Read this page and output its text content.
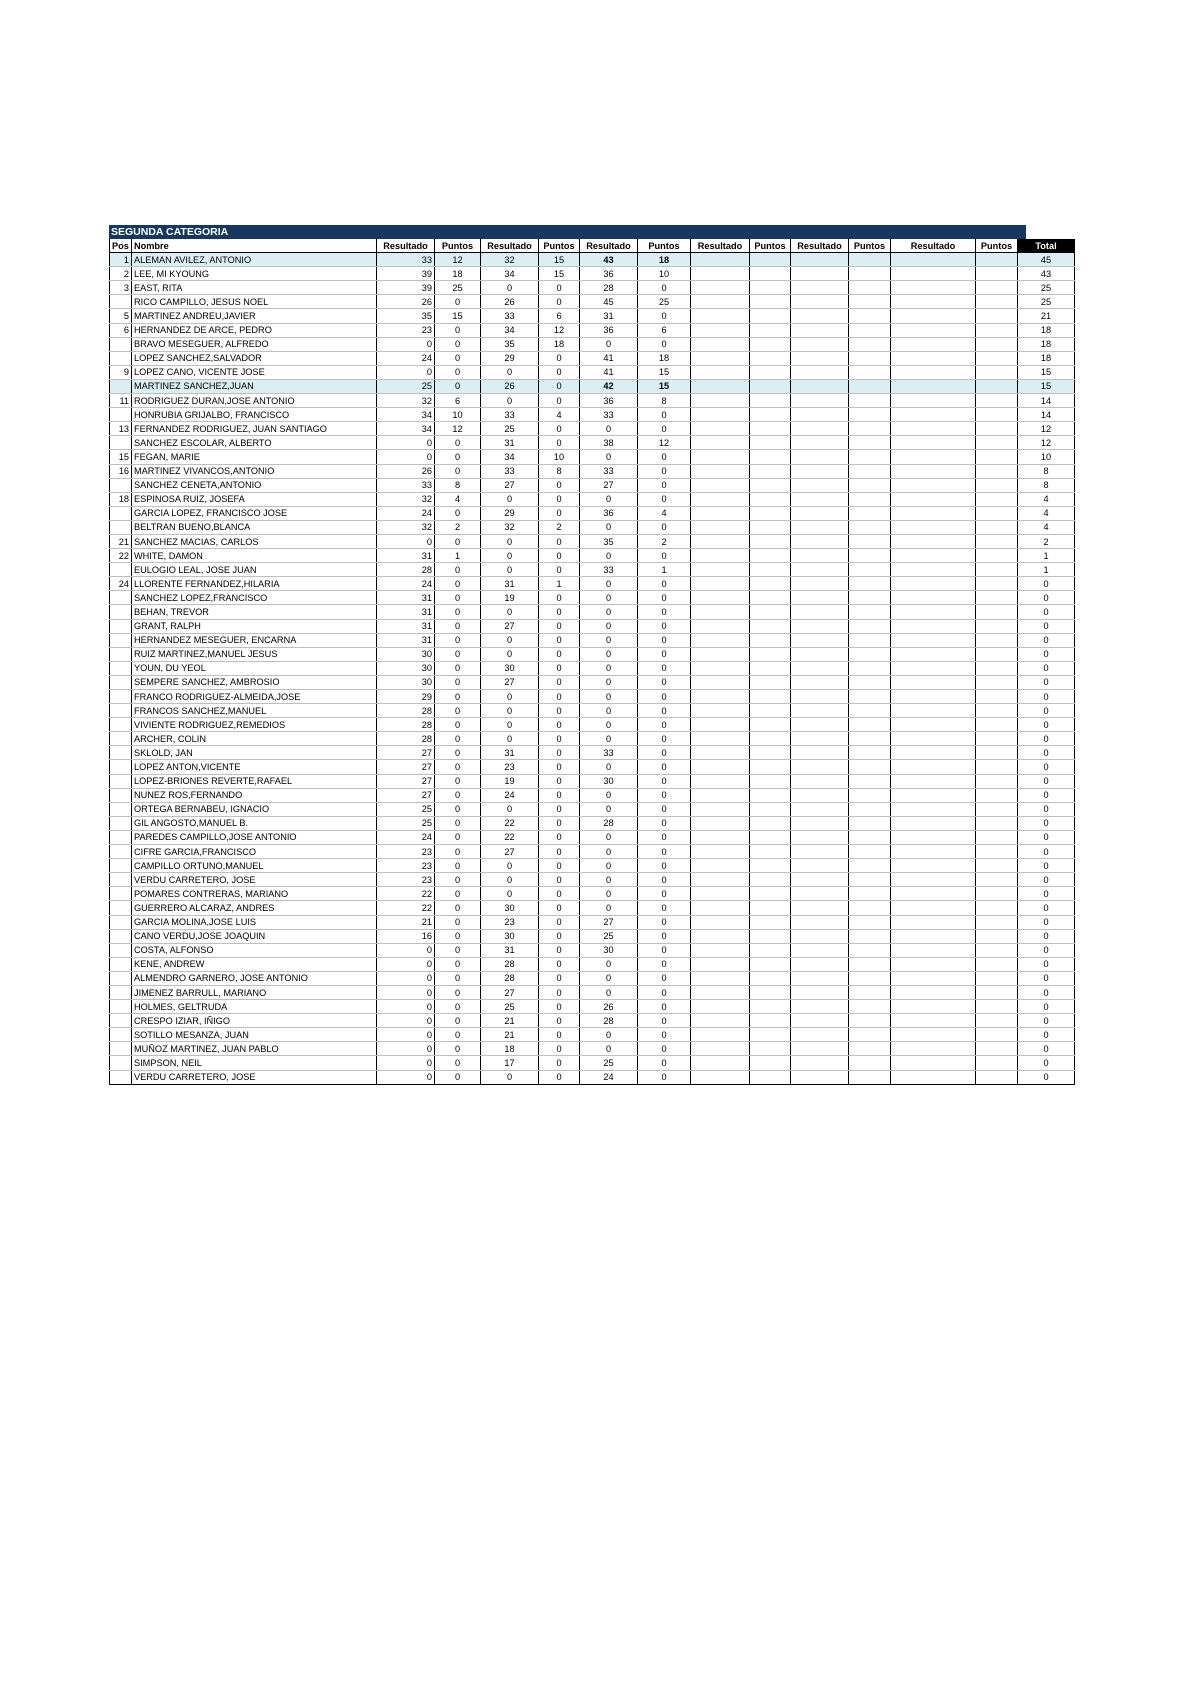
SEGUNDA CATEGORIA
Pos	Nombre	Resultado	Puntos	Resultado	Puntos	Resultado	Puntos	Resultado	Puntos	Resultado	Puntos	Resultado	Puntos	Total
1	ALEMAN AVILEZ, ANTONIO	33	12	32	15	43	18							45
2	LEE, MI KYOUNG	39	18	34	15	36	10							43
3	EAST, RITA	39	25	0	0	28	0							25
	RICO CAMPILLO, JESUS NOEL	26	0	26	0	45	25							25
5	MARTINEZ ANDREU,JAVIER	35	15	33	6	31	0							21
6	HERNANDEZ DE ARCE, PEDRO	23	0	34	12	36	6							18
	BRAVO MESEGUER, ALFREDO	0	0	35	18	0	0							18
	LOPEZ SANCHEZ,SALVADOR	24	0	29	0	41	18							18
9	LOPEZ CANO, VICENTE JOSE	0	0	0	0	41	15							15
	MARTINEZ SANCHEZ,JUAN	25	0	26	0	42	15							15
11	RODRIGUEZ DURAN,JOSE ANTONIO	32	6	0	0	36	8							14
	HONRUBIA GRIJALBO, FRANCISCO	34	10	33	4	33	0							14
13	FERNANDEZ RODRIGUEZ, JUAN SANTIAGO	34	12	25	0	0	0							12
	SANCHEZ ESCOLAR, ALBERTO	0	0	31	0	38	12							12
15	FEGAN, MARIE	0	0	34	10	0	0							10
16	MARTINEZ VIVANCOS,ANTONIO	26	0	33	8	33	0							8
	SANCHEZ CENETA,ANTONIO	33	8	27	0	27	0							8
18	ESPINOSA RUIZ, JOSEFA	32	4	0	0	0	0							4
	GARCIA LOPEZ, FRANCISCO JOSE	24	0	29	0	36	4							4
	BELTRAN BUENO,BLANCA	32	2	32	2	0	0							4
21	SANCHEZ MACIAS, CARLOS	0	0	0	0	35	2							2
22	WHITE, DAMON	31	1	0	0	0	0							1
	EULOGIO LEAL, JOSE JUAN	28	0	0	0	33	1							1
24	LLORENTE FERNANDEZ,HILARIA	24	0	31	1	0	0							0
	SANCHEZ LOPEZ,FRANCISCO	31	0	19	0	0	0							0
	BEHAN, TREVOR	31	0	0	0	0	0							0
	GRANT, RALPH	31	0	27	0	0	0							0
	HERNANDEZ MESEGUER, ENCARNA	31	0	0	0	0	0							0
	RUIZ MARTINEZ,MANUEL JESUS	30	0	0	0	0	0							0
	YOUN, DU YEOL	30	0	30	0	0	0							0
	SEMPERE SANCHEZ, AMBROSIO	30	0	27	0	0	0							0
	FRANCO RODRIGUEZ-ALMEIDA,JOSE	29	0	0	0	0	0							0
	FRANCOS SANCHEZ,MANUEL	28	0	0	0	0	0							0
	VIVIENTE RODRIGUEZ,REMEDIOS	28	0	0	0	0	0							0
	ARCHER, COLIN	28	0	0	0	0	0							0
	SKLOLD, JAN	27	0	31	0	33	0							0
	LOPEZ ANTON,VICENTE	27	0	23	0	0	0							0
	LOPEZ-BRIONES REVERTE,RAFAEL	27	0	19	0	30	0							0
	NUNEZ ROS,FERNANDO	27	0	24	0	0	0							0
	ORTEGA BERNABEU, IGNACIO	25	0	0	0	0	0							0
	GIL ANGOSTO,MANUEL B.	25	0	22	0	28	0							0
	PAREDES CAMPILLO,JOSE ANTONIO	24	0	22	0	0	0							0
	CIFRE GARCIA,FRANCISCO	23	0	27	0	0	0							0
	CAMPILLO ORTUNO,MANUEL	23	0	0	0	0	0							0
	VERDU CARRETERO, JOSE	23	0	0	0	0	0							0
	POMARES CONTRERAS, MARIANO	22	0	0	0	0	0							0
	GUERRERO ALCARAZ, ANDRES	22	0	30	0	0	0							0
	GARCIA MOLINA,JOSE LUIS	21	0	23	0	27	0							0
	CANO VERDU,JOSE JOAQUIN	16	0	30	0	25	0							0
	COSTA, ALFONSO	0	0	31	0	30	0							0
	KENE, ANDREW	0	0	28	0	0	0							0
	ALMENDRO GARNERO, JOSE ANTONIO	0	0	28	0	0	0							0
	JIMENEZ BARRULL, MARIANO	0	0	27	0	0	0							0
	HOLMES, GELTRUDA	0	0	25	0	26	0							0
	CRESPO IZIAR, IÑIGO	0	0	21	0	28	0							0
	SOTILLO MESANZA, JUAN	0	0	21	0	0	0							0
	MUÑOZ MARTINEZ, JUAN PABLO	0	0	18	0	0	0							0
	SIMPSON, NEIL	0	0	17	0	25	0							0
	VERDU CARRETERO, JOSE	0	0	0	0	24	0							0
